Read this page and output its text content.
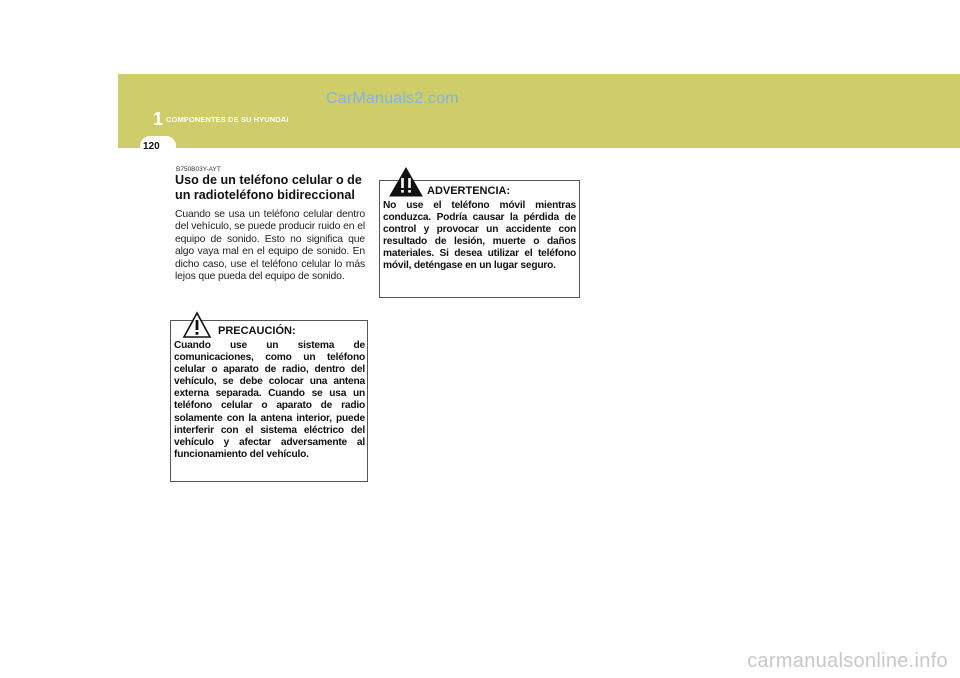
1 COMPONENTES DE SU HYUNDAI
CarManuals2.com
120
B750B03Y-AYT
Uso de un teléfono celular o de un radioteléfono bidireccional
Cuando se usa un teléfono celular dentro del vehículo, se puede producir ruido en el equipo de sonido. Esto no significa que algo vaya mal en el equipo de sonido. En dicho caso, use el teléfono celular lo más lejos que pueda del equipo de sonido.
PRECAUCIÓN:
Cuando use un sistema de comunicaciones, como un teléfono celular o aparato de radio, dentro del vehículo, se debe colocar una antena externa separada. Cuando se usa un teléfono celular o aparato de radio solamente con la antena interior, puede interferir con el sistema eléctrico del vehículo y afectar adversamente al funcionamiento del vehículo.
ADVERTENCIA:
No use el teléfono móvil mientras conduzca. Podría causar la pérdida de control y provocar un accidente con resultado de lesión, muerte o daños materiales. Si desea utilizar el teléfono móvil, deténgase en un lugar seguro.
carmanualsonline.info
